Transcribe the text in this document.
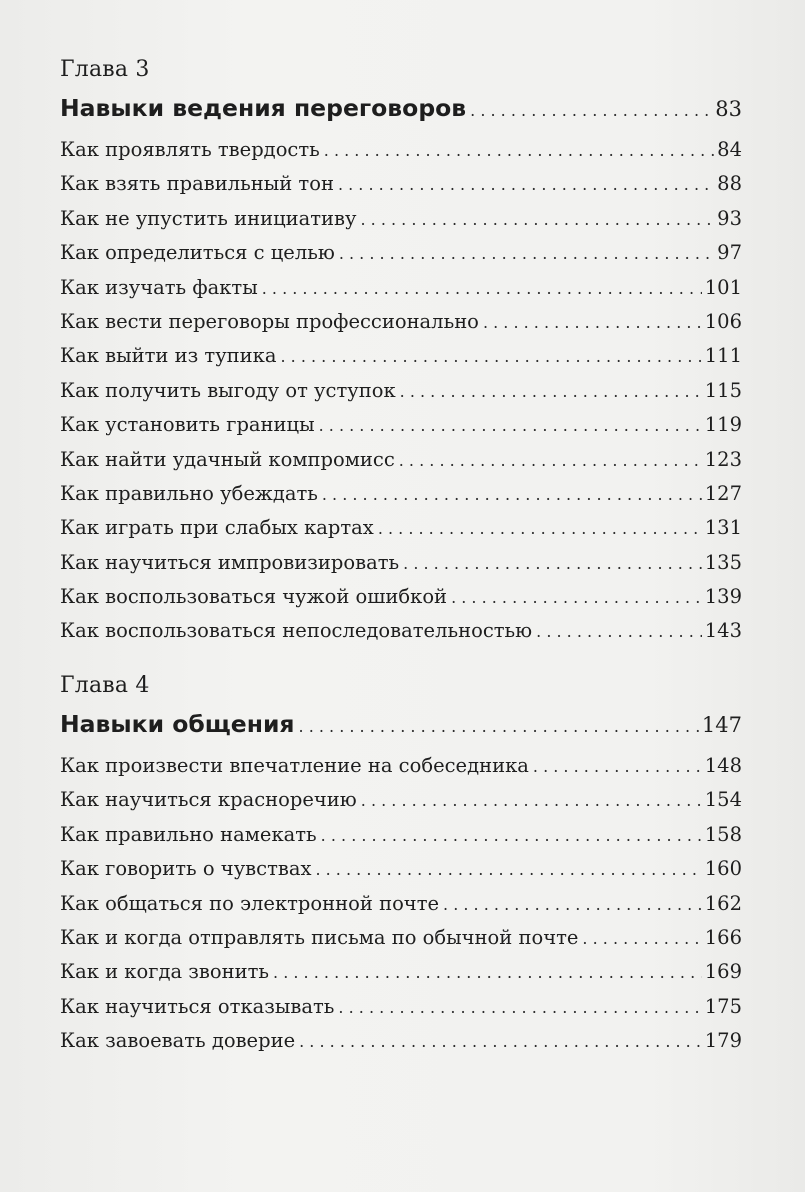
Глава 3
Навыки ведения переговоров . . .	83
Как проявлять твердость . . .	84
Как взять правильный тон . . .	88
Как не упустить инициативу . . .	93
Как определиться с целью . . .	97
Как изучать факты . . .	101
Как вести переговоры профессионально . . .	106
Как выйти из тупика . . .	111
Как получить выгоду от уступок . . .	115
Как установить границы . . .	119
Как найти удачный компромисс . . .	123
Как правильно убеждать . . .	127
Как играть при слабых картах . . .	131
Как научиться импровизировать . . .	135
Как воспользоваться чужой ошибкой . . .	139
Как воспользоваться непоследовательностью . . .	143
Глава 4
Навыки общения . . .	147
Как произвести впечатление на собеседника . . .	148
Как научиться красноречию . . .	154
Как правильно намекать . . .	158
Как говорить о чувствах . . .	160
Как общаться по электронной почте . . .	162
Как и когда отправлять письма по обычной почте . . .	166
Как и когда звонить . . .	169
Как научиться отказывать . . .	175
Как завоевать доверие . . .	179
